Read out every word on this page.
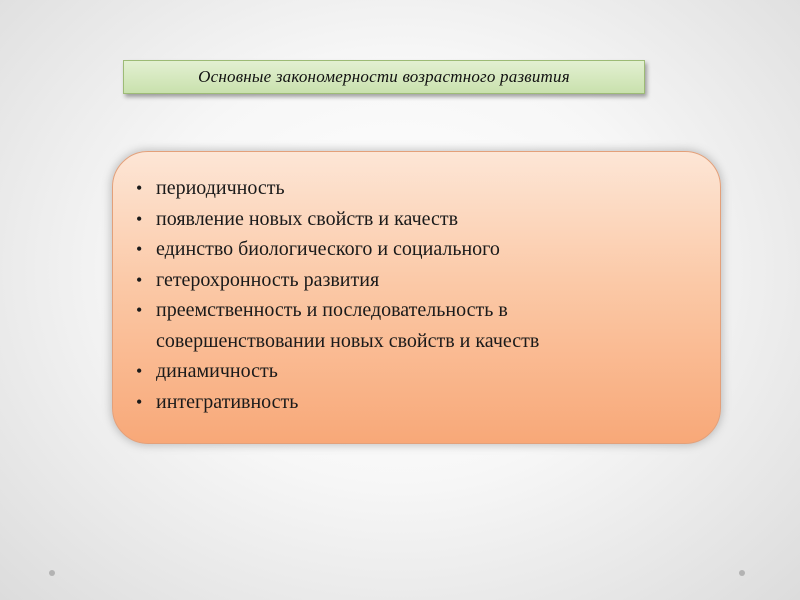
Основные закономерности возрастного развития
• периодичность
• появление новых свойств и качеств
• единство биологического и социального
• гетерохронность развития
• преемственность и последовательность в
совершенствовании новых свойств и качеств
• динамичность
• интегративность
